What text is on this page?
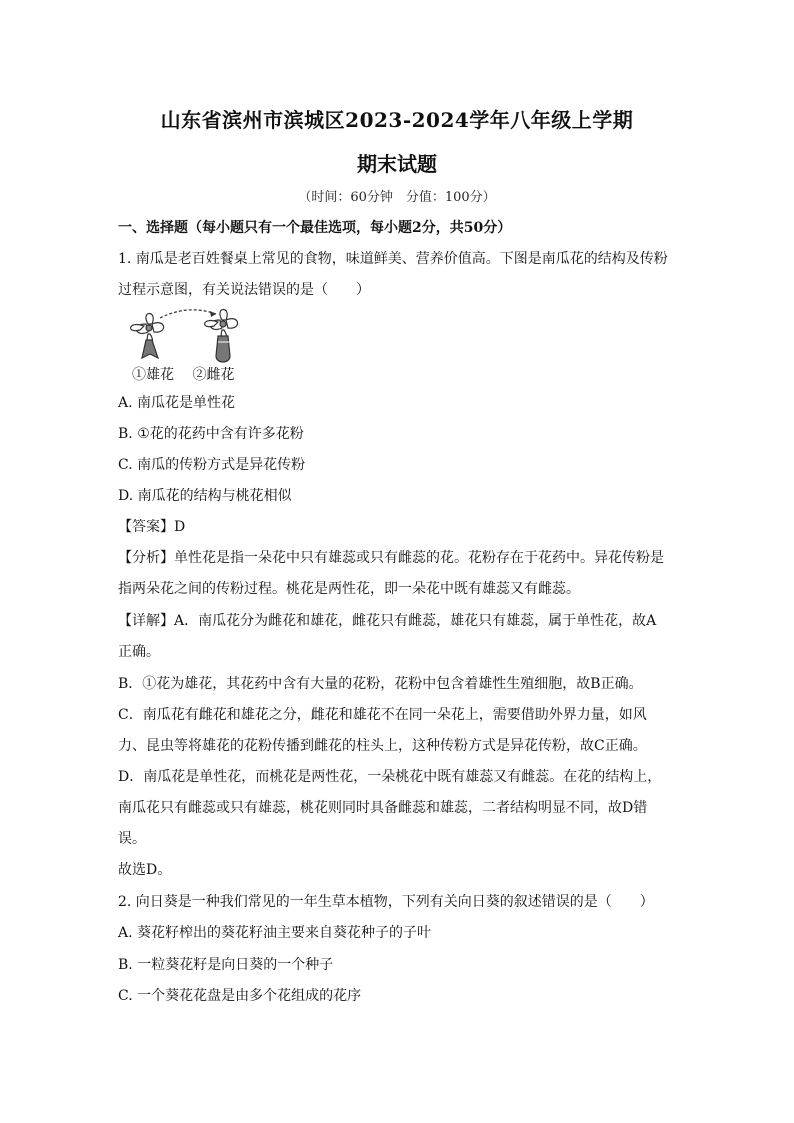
山东省滨州市滨城区2023-2024学年八年级上学期
期末试题
（时间：60分钟　分值：100分）
一、选择题（每小题只有一个最佳选项，每小题2分，共50分）
1. 南瓜是老百姓餐桌上常见的食物，味道鲜美、营养价值高。下图是南瓜花的结构及传粉
过程示意图，有关说法错误的是（　　）
①雄花 ②雌花
A. 南瓜花是单性花
B. ①花的花药中含有许多花粉
C. 南瓜的传粉方式是异花传粉
D. 南瓜花的结构与桃花相似
【答案】D
【分析】单性花是指一朵花中只有雄蕊或只有雌蕊的花。花粉存在于花药中。异花传粉是
指两朵花之间的传粉过程。桃花是两性花，即一朵花中既有雄蕊又有雌蕊。
【详解】A．南瓜花分为雌花和雄花，雌花只有雌蕊，雄花只有雄蕊，属于单性花，故A
正确。
B．①花为雄花，其花药中含有大量的花粉，花粉中包含着雄性生殖细胞，故B正确。
C．南瓜花有雌花和雄花之分，雌花和雄花不在同一朵花上，需要借助外界力量，如风
力、昆虫等将雄花的花粉传播到雌花的柱头上，这种传粉方式是异花传粉，故C正确。
D．南瓜花是单性花，而桃花是两性花，一朵桃花中既有雄蕊又有雌蕊。在花的结构上，
南瓜花只有雌蕊或只有雄蕊，桃花则同时具备雌蕊和雄蕊，二者结构明显不同，故D错
误。
故选D。
2. 向日葵是一种我们常见的一年生草本植物，下列有关向日葵的叙述错误的是（　　）
A. 葵花籽榨出的葵花籽油主要来自葵花种子的子叶
B. 一粒葵花籽是向日葵的一个种子
C. 一个葵花花盘是由多个花组成的花序
